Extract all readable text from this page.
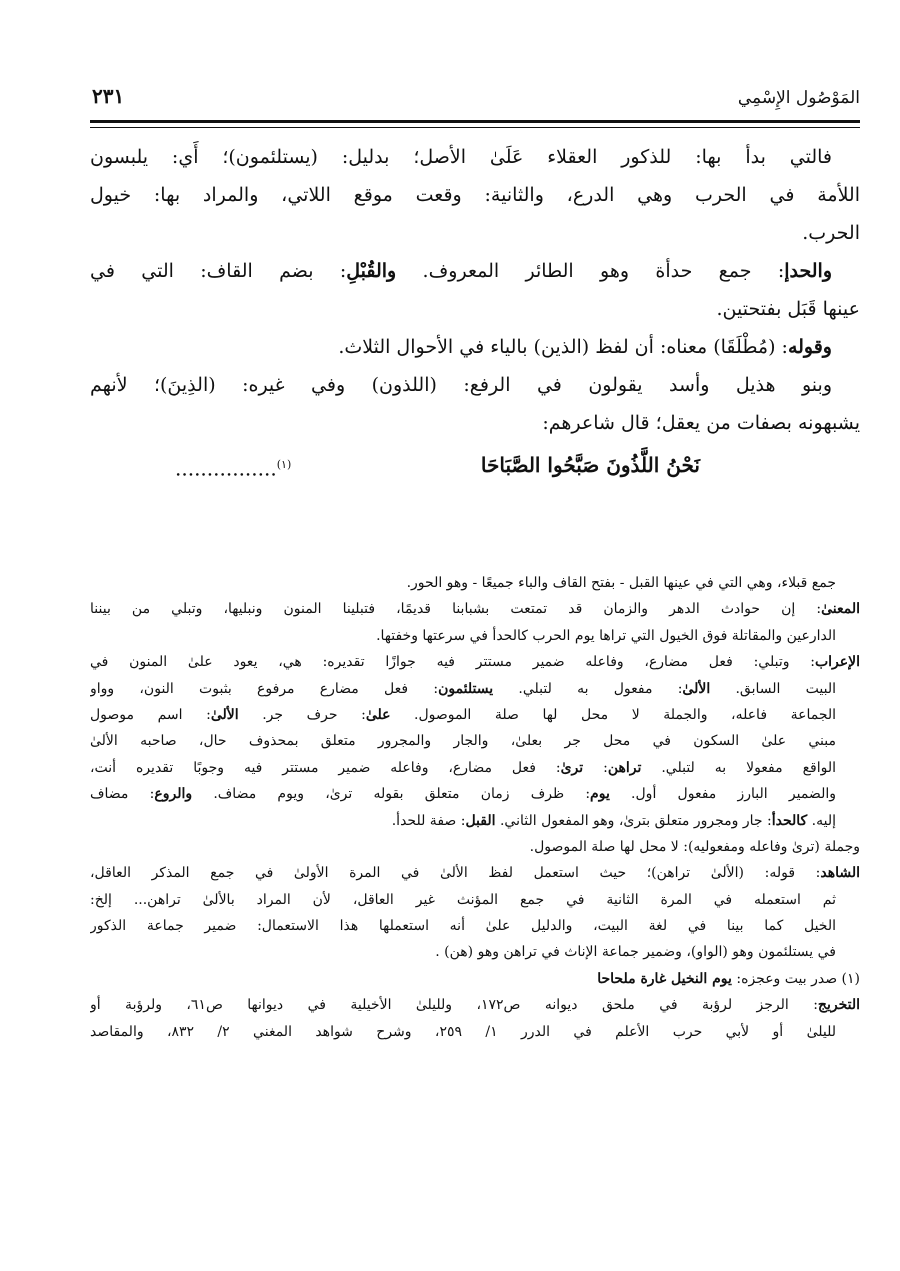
المَوْصُول الإِسْمِي
٢٣١
فالتي بدأ بها: للذكور العقلاء عَلَىٰ الأصل؛ بدليل: (يستلئمون)؛ أَي: يلبسون
اللأمة في الحرب وهي الدرع، والثانية: وقعت موقع اللاتي، والمراد بها: خيول
الحرب.
والحدإ: جمع حدأة وهو الطائر المعروف. والقُبْلِ: بضم القاف: التي في
عينها قَبَل بفتحتين.
وقوله: (مُطْلَقَا) معناه: أن لفظ (الذين) بالياء في الأحوال الثلاث.
وبنو هذيل وأسد يقولون في الرفع: (اللذون) وفي غيره: (الذِينَ)؛ لأنهم
يشبهونه بصفات من يعقل؛ قال شاعرهم:
نَحْنُ اللَّذُونَ صَبَّحُوا الصَّبَاحَا
................$^{(١)}$
جمع قبلاء، وهي التي في عينها القبل - بفتح القاف والباء جميعًا - وهو الحور.
المعنىٰ: إن حوادث الدهر والزمان قد تمتعت بشبابنا قديمًا، فتبلينا المنون ونبليها، وتبلي من بيننا
الدارعين والمقاتلة فوق الخيول التي تراها يوم الحرب كالحدأ في سرعتها وخفتها.
الإعراب: وتبلي: فعل مضارع، وفاعله ضمير مستتر فيه جوازًا تقديره: هي، يعود علىٰ المنون في
البيت السابق. الألىٰ: مفعول به لتبلي. يستلئمون: فعل مضارع مرفوع بثبوت النون، وواو
الجماعة فاعله، والجملة لا محل لها صلة الموصول. علىٰ: حرف جر. الألىٰ: اسم موصول
مبني علىٰ السكون في محل جر بعلىٰ، والجار والمجرور متعلق بمحذوف حال، صاحبه الألىٰ
الواقع مفعولا به لتبلي. تراهن: ترىٰ: فعل مضارع، وفاعله ضمير مستتر فيه وجوبًا تقديره أنت،
والضمير البارز مفعول أول. يوم: ظرف زمان متعلق بقوله ترىٰ، ويوم مضاف. والروع: مضاف
إليه. كالحدأ: جار ومجرور متعلق بترىٰ، وهو المفعول الثاني. القبل: صفة للحدأ.
وجملة (ترىٰ وفاعله ومفعوليه): لا محل لها صلة الموصول.
الشاهد: قوله: (الألىٰ تراهن)؛ حيث استعمل لفظ الألىٰ في المرة الأولىٰ في جمع المذكر العاقل،
ثم استعمله في المرة الثانية في جمع المؤنث غير العاقل، لأن المراد بالألىٰ تراهن... إلخ:
الخيل كما بينا في لغة البيت، والدليل علىٰ أنه استعملها هذا الاستعمال: ضمير جماعة الذكور
في يستلئمون وهو (الواو)، وضمير جماعة الإناث في تراهن وهو (هن) .
(١) صدر بيت وعجزه: يوم النخيل غارة ملحاحا
التخريج: الرجز لرؤبة في ملحق ديوانه ص١٧٢، ولليلىٰ الأخيلية في ديوانها ص٦١، ولرؤبة أو
لليلىٰ أو لأبي حرب الأعلم في الدرر ١/ ٢٥٩، وشرح شواهد المغني ٢/ ٨٣٢، والمقاصد
